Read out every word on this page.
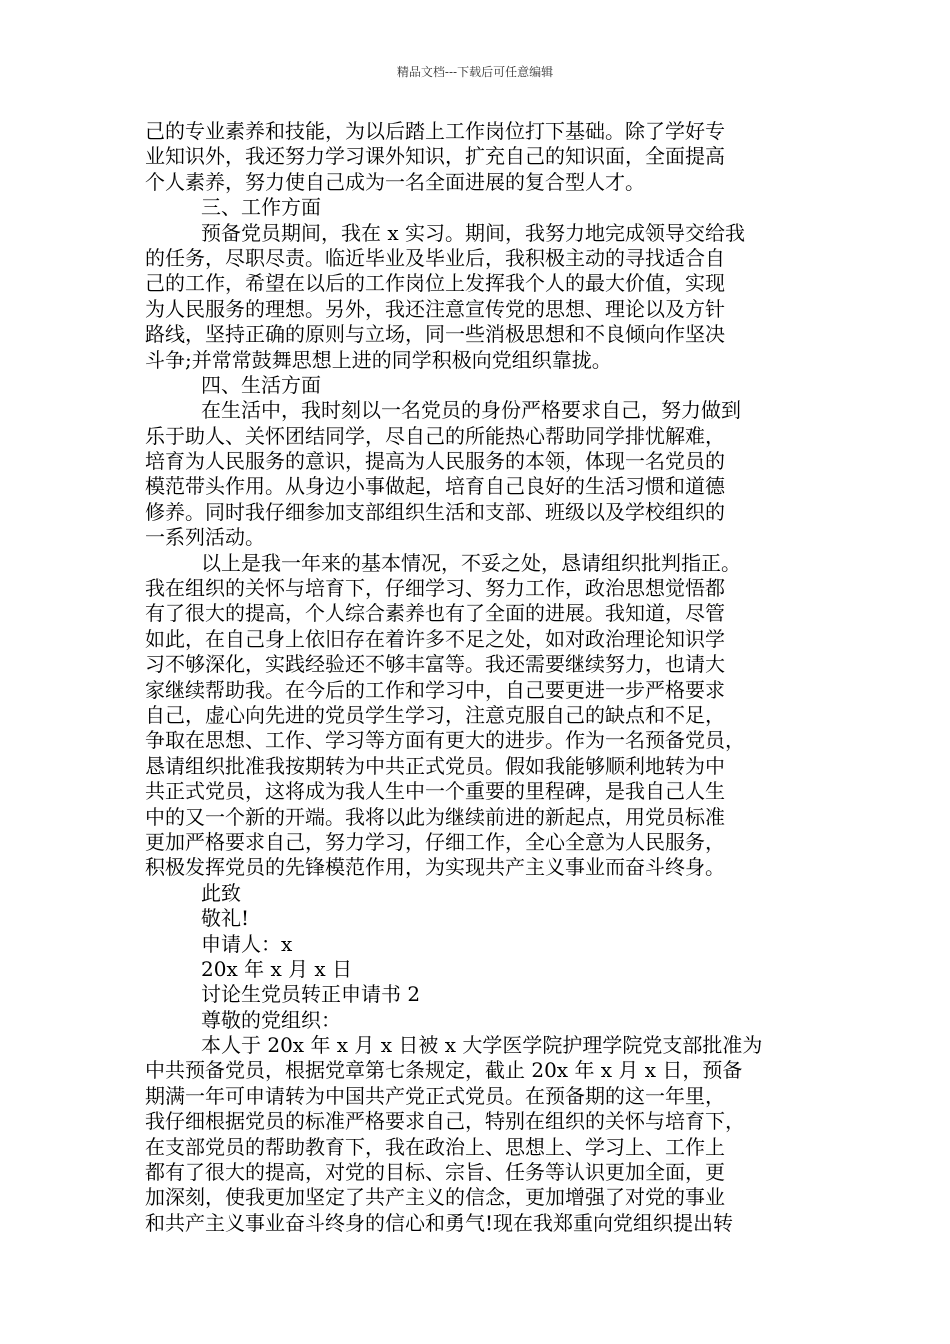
精品文档---下载后可任意编辑
己的专业素养和技能，为以后踏上工作岗位打下基础。除了学好专
业知识外，我还努力学习课外知识，扩充自己的知识面，全面提高
个人素养，努力使自己成为一名全面进展的复合型人才。
三、工作方面
预备党员期间，我在 x 实习。期间，我努力地完成领导交给我
的任务，尽职尽责。临近毕业及毕业后，我积极主动的寻找适合自
己的工作，希望在以后的工作岗位上发挥我个人的最大价值，实现
为人民服务的理想。另外，我还注意宣传党的思想、理论以及方针
路线，坚持正确的原则与立场，同一些消极思想和不良倾向作坚决
斗争;并常常鼓舞思想上进的同学积极向党组织靠拢。
四、生活方面
在生活中，我时刻以一名党员的身份严格要求自己，努力做到
乐于助人、关怀团结同学，尽自己的所能热心帮助同学排忧解难，
培育为人民服务的意识，提高为人民服务的本领，体现一名党员的
模范带头作用。从身边小事做起，培育自己良好的生活习惯和道德
修养。同时我仔细参加支部组织生活和支部、班级以及学校组织的
一系列活动。
以上是我一年来的基本情况，不妥之处，恳请组织批判指正。
我在组织的关怀与培育下，仔细学习、努力工作，政治思想觉悟都
有了很大的提高，个人综合素养也有了全面的进展。我知道，尽管
如此，在自己身上依旧存在着许多不足之处，如对政治理论知识学
习不够深化，实践经验还不够丰富等。我还需要继续努力，也请大
家继续帮助我。在今后的工作和学习中，自己要更进一步严格要求
自己，虚心向先进的党员学生学习，注意克服自己的缺点和不足，
争取在思想、工作、学习等方面有更大的进步。作为一名预备党员，
恳请组织批准我按期转为中共正式党员。假如我能够顺利地转为中
共正式党员，这将成为我人生中一个重要的里程碑，是我自己人生
中的又一个新的开端。我将以此为继续前进的新起点，用党员标准
更加严格要求自己，努力学习，仔细工作，全心全意为人民服务，
积极发挥党员的先锋模范作用，为实现共产主义事业而奋斗终身。
此致
敬礼!
申请人：x
20x 年 x 月 x 日
讨论生党员转正申请书 2
尊敬的党组织：
本人于 20x 年 x 月 x 日被 x 大学医学院护理学院党支部批准为
中共预备党员，根据党章第七条规定，截止 20x 年 x 月 x 日，预备
期满一年可申请转为中国共产党正式党员。在预备期的这一年里，
我仔细根据党员的标准严格要求自己，特别在组织的关怀与培育下，
在支部党员的帮助教育下，我在政治上、思想上、学习上、工作上
都有了很大的提高，对党的目标、宗旨、任务等认识更加全面，更
加深刻，使我更加坚定了共产主义的信念，更加增强了对党的事业
和共产主义事业奋斗终身的信心和勇气!现在我郑重向党组织提出转
